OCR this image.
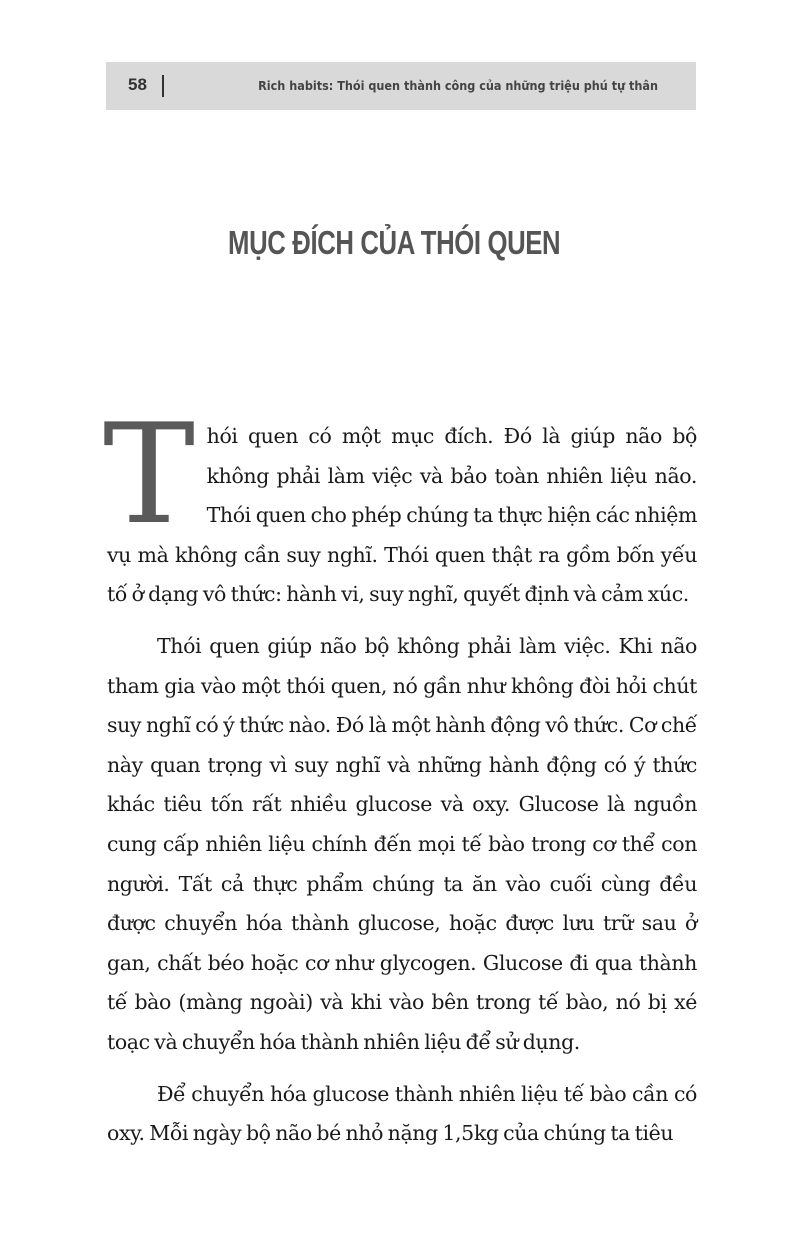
58	Rich habits: Thói quen thành công của những triệu phú tự thân
MỤC ĐÍCH CỦA THÓI QUEN

Thói quen có một mục đích. Đó là giúp não bộ không phải làm việc và bảo toàn nhiên liệu não. Thói quen cho phép chúng ta thực hiện các nhiệm vụ mà không cần suy nghĩ. Thói quen thật ra gồm bốn yếu tố ở dạng vô thức: hành vi, suy nghĩ, quyết định và cảm xúc.

Thói quen giúp não bộ không phải làm việc. Khi não tham gia vào một thói quen, nó gần như không đòi hỏi chút suy nghĩ có ý thức nào. Đó là một hành động vô thức. Cơ chế này quan trọng vì suy nghĩ và những hành động có ý thức khác tiêu tốn rất nhiều glucose và oxy. Glucose là nguồn cung cấp nhiên liệu chính đến mọi tế bào trong cơ thể con người. Tất cả thực phẩm chúng ta ăn vào cuối cùng đều được chuyển hóa thành glucose, hoặc được lưu trữ sau ở gan, chất béo hoặc cơ như glycogen. Glucose đi qua thành tế bào (màng ngoài) và khi vào bên trong tế bào, nó bị xé toạc và chuyển hóa thành nhiên liệu để sử dụng.

Để chuyển hóa glucose thành nhiên liệu tế bào cần có oxy. Mỗi ngày bộ não bé nhỏ nặng 1,5kg của chúng ta tiêu
